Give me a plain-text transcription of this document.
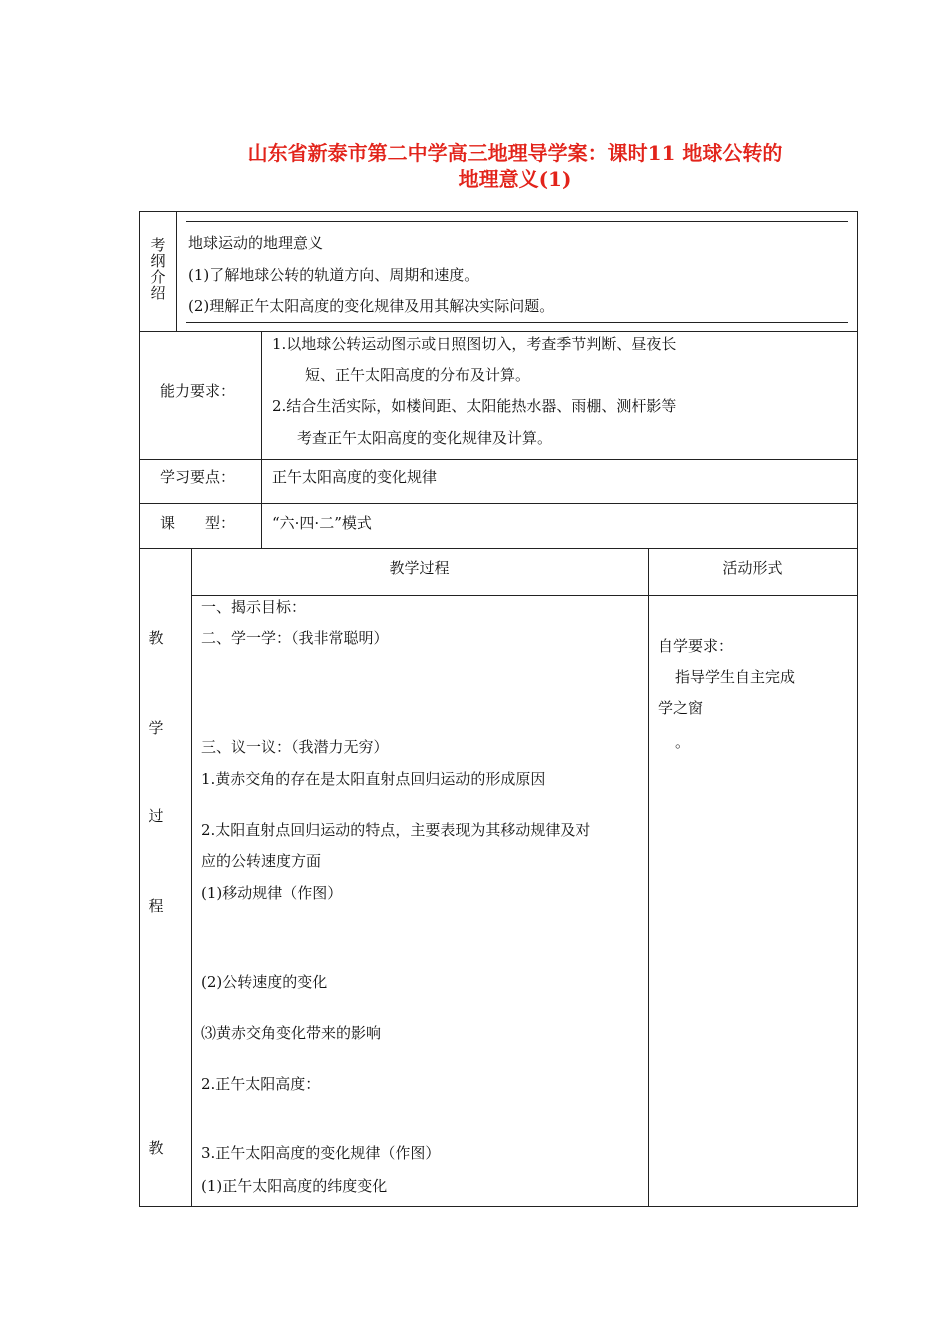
山东省新泰市第二中学高三地理导学案：课时11 地球公转的
地理意义(1)
考
纲
介
绍
地球运动的地理意义
(1)了解地球公转的轨道方向、周期和速度。
(2)理解正午太阳高度的变化规律及用其解决实际问题。
能力要求：
1.以地球公转运动图示或日照图切入，考查季节判断、昼夜长
短、正午太阳高度的分布及计算。
2.结合生活实际，如楼间距、太阳能热水器、雨棚、测杆影等
考查正午太阳高度的变化规律及计算。
学习要点： 正午太阳高度的变化规律
课　　型： “六·四·二”模式
教学过程	活动形式
教
学
过
程
教
一、揭示目标：
二、学一学：（我非常聪明）
三、议一议：（我潜力无穷）
1.黄赤交角的存在是太阳直射点回归运动的形成原因
2.太阳直射点回归运动的特点，主要表现为其移动规律及对
应的公转速度方面
(1)移动规律（作图）
(2)公转速度的变化
⑶黄赤交角变化带来的影响
2.正午太阳高度：
3.正午太阳高度的变化规律（作图）
(1)正午太阳高度的纬度变化
自学要求：
指导学生自主完成
学之窗
。
